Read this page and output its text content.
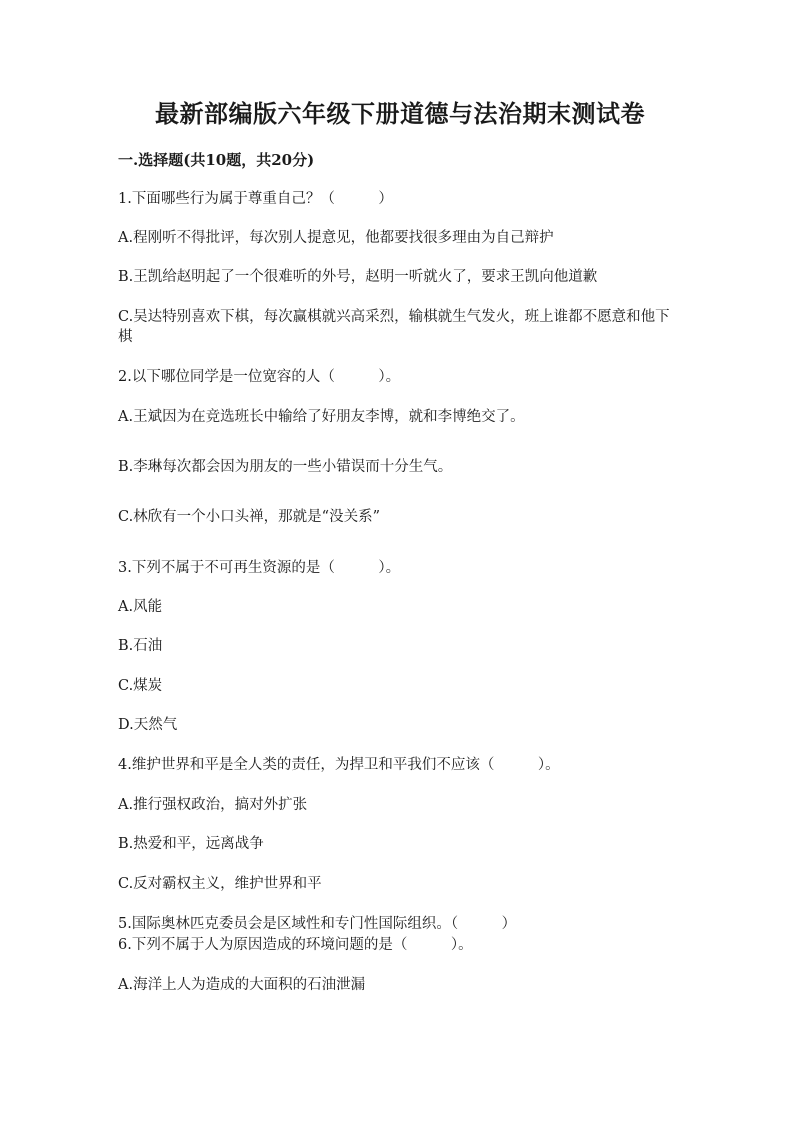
最新部编版六年级下册道德与法治期末测试卷
一.选择题(共10题，共20分)
1.下面哪些行为属于尊重自己？（　　　）
A.程刚听不得批评，每次别人提意见，他都要找很多理由为自己辩护
B.王凯给赵明起了一个很难听的外号，赵明一听就火了，要求王凯向他道歉
C.吴达特别喜欢下棋，每次赢棋就兴高采烈，输棋就生气发火，班上谁都不愿意和他下棋
2.以下哪位同学是一位宽容的人（　　　）。
A.王斌因为在竞选班长中输给了好朋友李博，就和李博绝交了。
B.李琳每次都会因为朋友的一些小错误而十分生气。
C.林欣有一个小口头禅，那就是“没关系”
3.下列不属于不可再生资源的是（　　　）。
A.风能
B.石油
C.煤炭
D.天然气
4.维护世界和平是全人类的责任，为捍卫和平我们不应该（　　　）。
A.推行强权政治，搞对外扩张
B.热爱和平，远离战争
C.反对霸权主义，维护世界和平
5.国际奥林匹克委员会是区域性和专门性国际组织。（　　　）
6.下列不属于人为原因造成的环境问题的是（　　　）。
A.海洋上人为造成的大面积的石油泄漏
